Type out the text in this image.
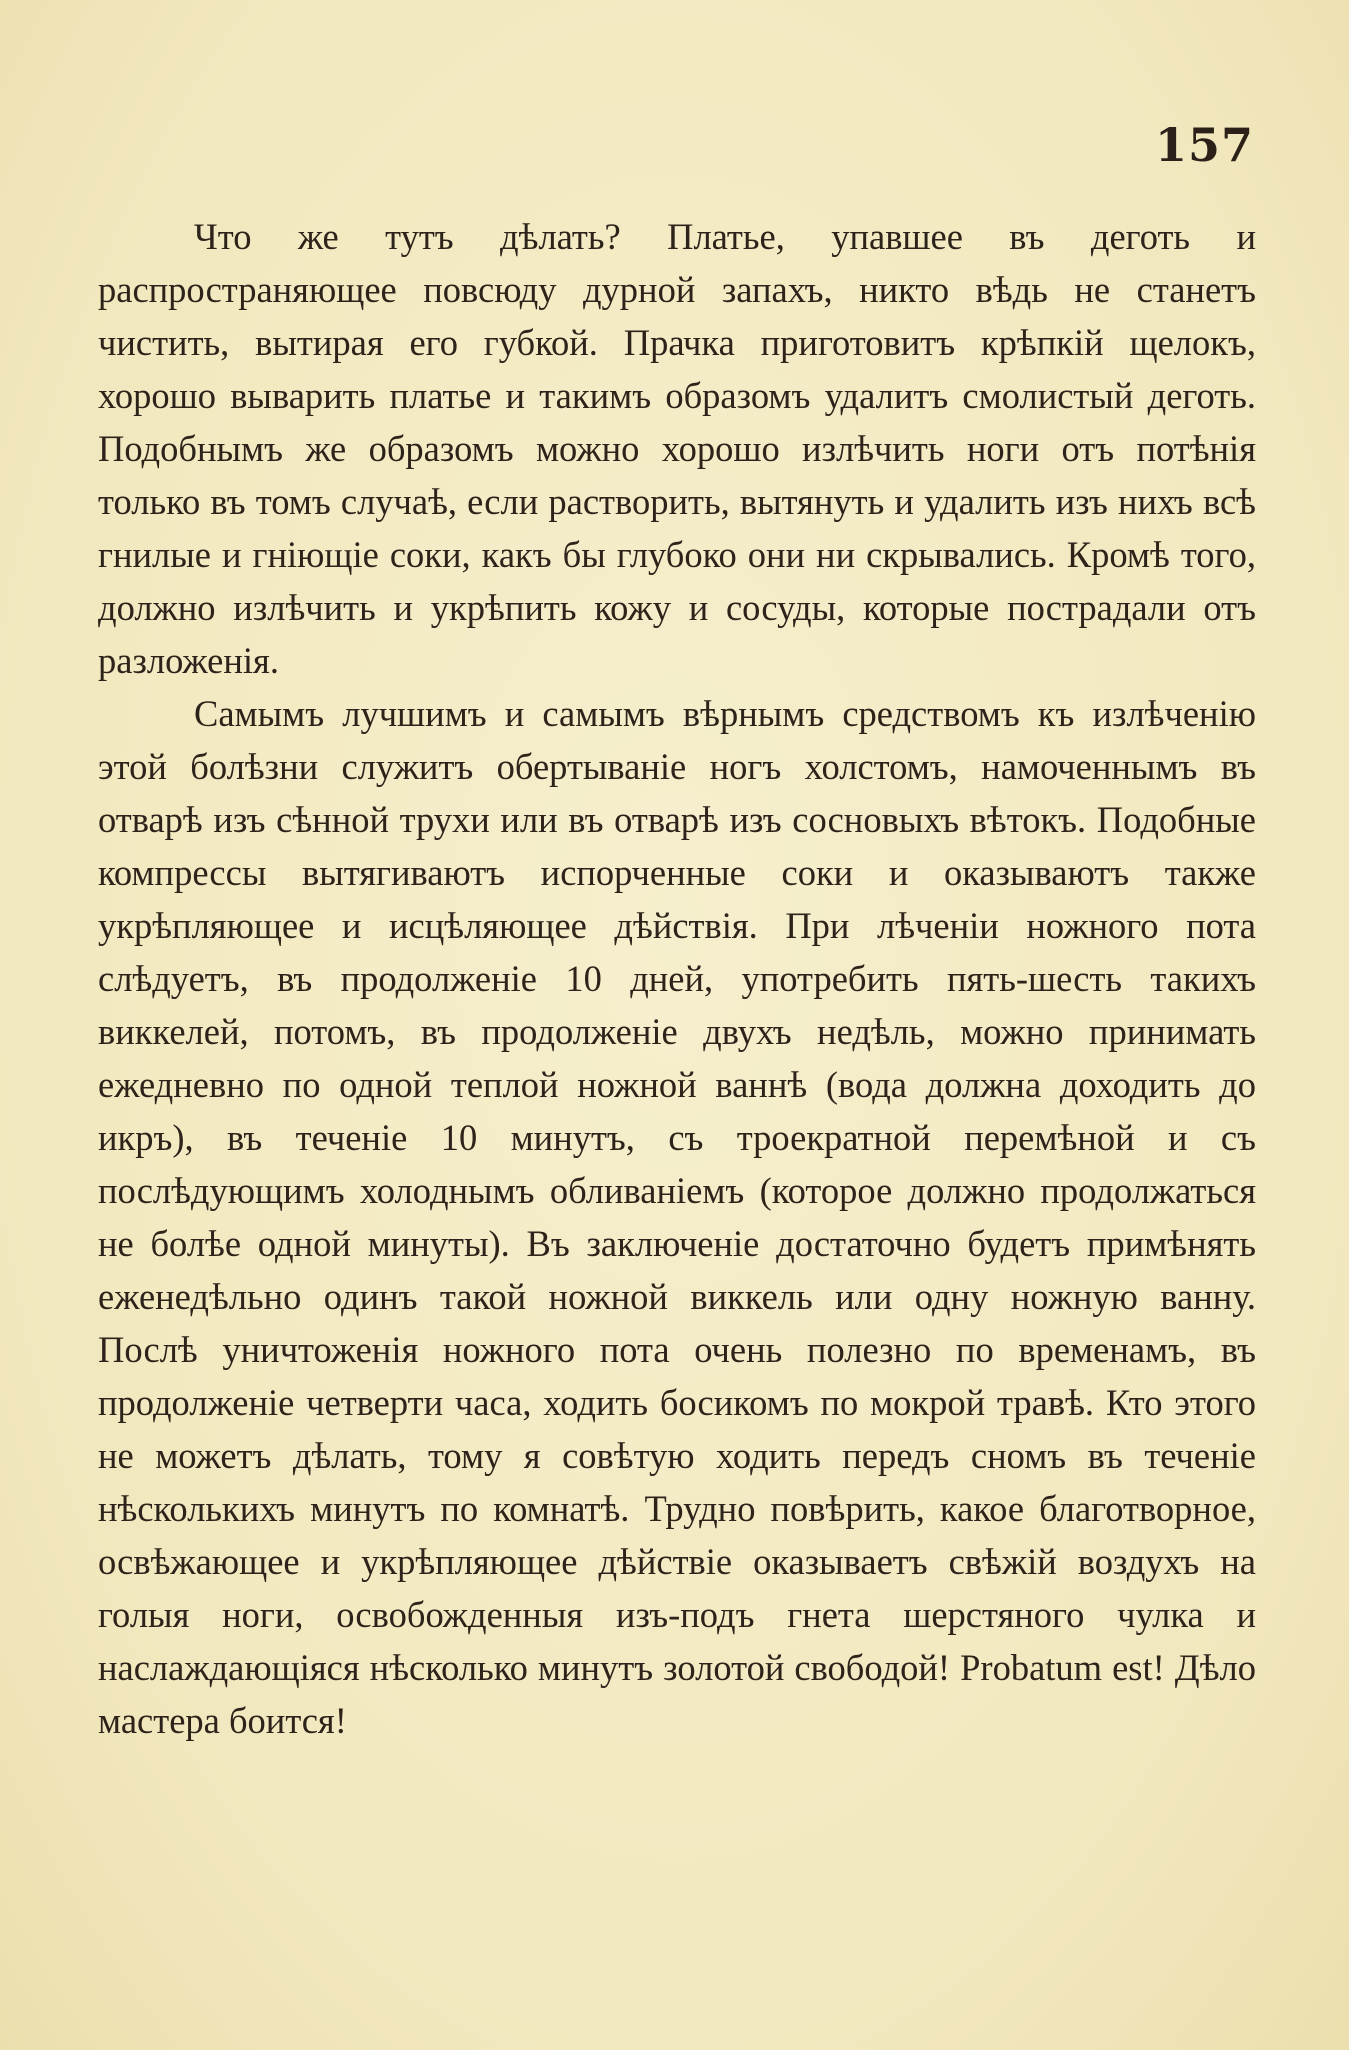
157

Что же тутъ дѣлать? Платье, упавшее въ деготь и распространяющее повсюду дурной запахъ, никто вѣдь не станетъ чистить, вытирая его губкой. Прачка приготовитъ крѣпкій щелокъ, хорошо выварить платье и такимъ образомъ удалитъ смолистый деготь. Подобнымъ же образомъ можно хорошо излѣчить ноги отъ потѣнія только въ томъ случаѣ, если растворить, вытянуть и удалить изъ нихъ всѣ гнилые и гніющіе соки, какъ бы глубоко они ни скрывались. Кромѣ того, должно излѣчить и укрѣпить кожу и сосуды, которые пострадали отъ разложенія.

Самымъ лучшимъ и самымъ вѣрнымъ средствомъ къ излѣченію этой болѣзни служитъ обертываніе ногъ холстомъ, намоченнымъ въ отварѣ изъ сѣнной трухи или въ отварѣ изъ сосновыхъ вѣтокъ. Подобные компрессы вытягиваютъ испорченные соки и оказываютъ также укрѣпляющее и исцѣляющее дѣйствія. При лѣченіи ножного пота слѣдуетъ, въ продолженіе 10 дней, употребить пять-шесть такихъ виккелей, потомъ, въ продолженіе двухъ недѣль, можно принимать ежедневно по одной теплой ножной ваннѣ (вода должна доходить до икръ), въ теченіе 10 минутъ, съ троекратной перемѣной и съ послѣдующимъ холоднымъ обливаніемъ (которое должно продолжаться не болѣе одной минуты). Въ заключеніе достаточно будетъ примѣнять еженедѣльно одинъ такой ножной виккель или одну ножную ванну. Послѣ уничтоженія ножного пота очень полезно по временамъ, въ продолженіе четверти часа, ходить босикомъ по мокрой травѣ. Кто этого не можетъ дѣлать, тому я совѣтую ходить передъ сномъ въ теченіе нѣсколькихъ минутъ по комнатѣ. Трудно повѣрить, какое благотворное, освѣжающее и укрѣпляющее дѣйствіе оказываетъ свѣжій воздухъ на голыя ноги, освобожденныя изъ-подъ гнета шерстяного чулка и наслаждающіяся нѣсколько минутъ золотой свободой! Probatum est! Дѣло мастера боится!
